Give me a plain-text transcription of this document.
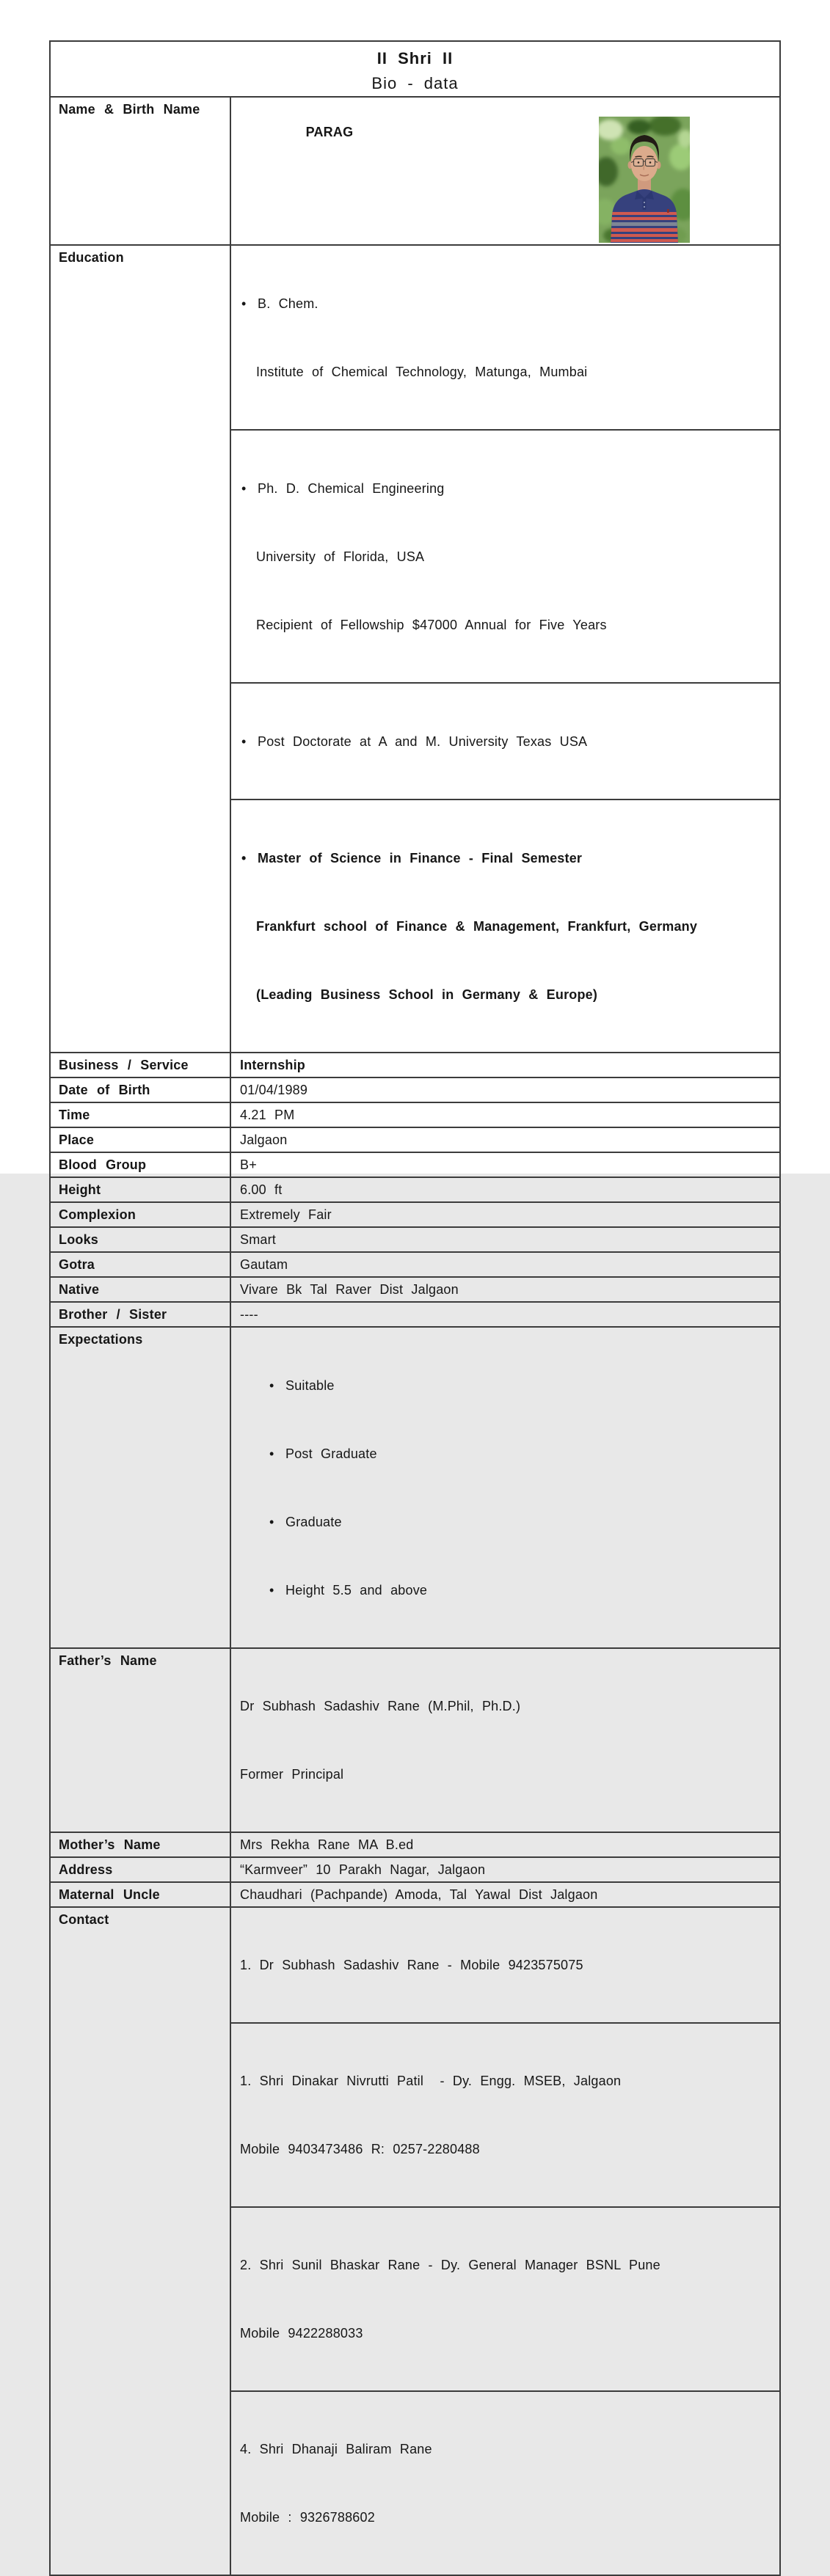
II Shri II
Bio - data	

Name & Birth Name	PARAG

Education	• B. Chem.

Institute of Chemical Technology, Matunga, Mumbai

	• Ph. D. Chemical Engineering

University of Florida, USA

Recipient of Fellowship $47000 Annual for Five Years

	• Post Doctorate at A and M. University Texas USA

	• Master of Science in Finance - Final Semester

Frankfurt school of Finance & Management, Frankfurt, Germany

(Leading Business School in Germany & Europe)

Business / Service	Internship
Date of Birth	01/04/1989
Time	4.21 PM
Place	Jalgaon
Blood Group	B+
Height	6.00 ft
Complexion	Extremely Fair
Looks	Smart
Gotra	Gautam
Native	Vivare Bk Tal Raver Dist Jalgaon
Brother / Sister	----
Expectations	

• Suitable

• Post Graduate

• Graduate

• Height 5.5 and above

Father’s Name	Dr Subhash Sadashiv Rane (M.Phil, Ph.D.)

Former Principal

Mother’s Name	Mrs Rekha Rane MA B.ed
Address	“Karmveer” 10 Parakh Nagar, Jalgaon
Maternal Uncle	Chaudhari (Pachpande) Amoda, Tal Yawal Dist Jalgaon
Contact	1. Dr Subhash Sadashiv Rane - Mobile 9423575075

	1. Shri Dinakar Nivrutti Patil  - Dy. Engg. MSEB, Jalgaon

Mobile 9403473486 R: 0257-2280488

	2. Shri Sunil Bhaskar Rane - Dy. General Manager BSNL Pune

Mobile 9422288033

	4. Shri Dhanaji Baliram Rane

Mobile : 9326788602
